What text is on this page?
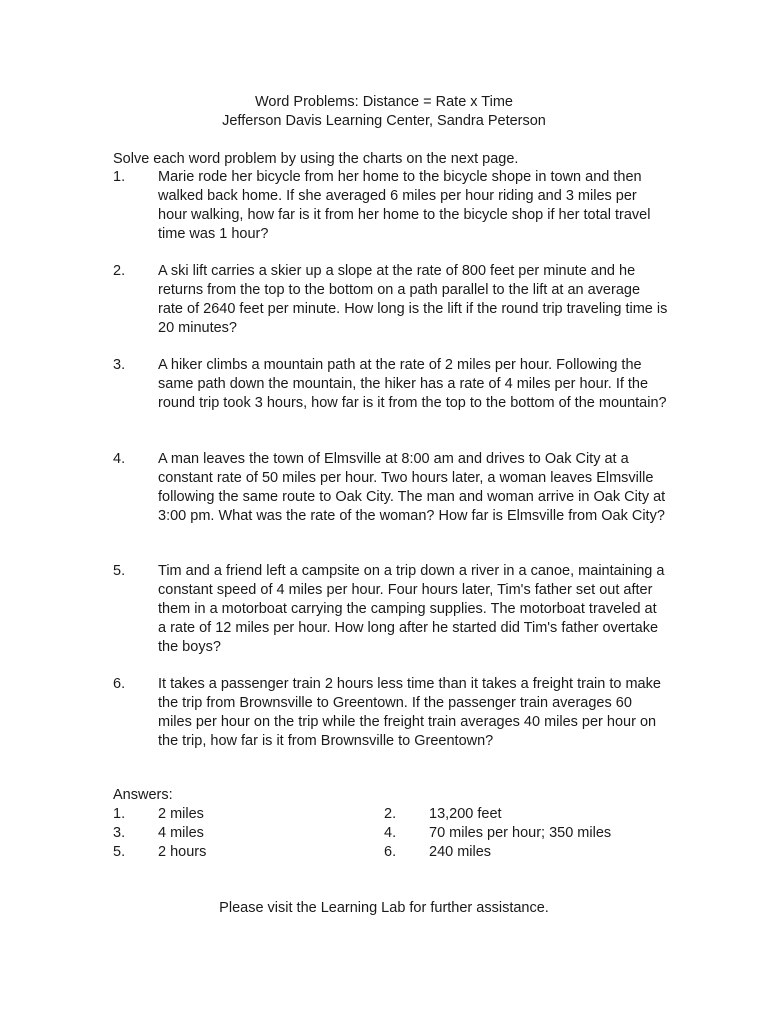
Word Problems: Distance = Rate x Time
Jefferson Davis Learning Center, Sandra Peterson
Solve each word problem by using the charts on the next page.
1.	Marie rode her bicycle from her home to the bicycle shope in town and then walked back home. If she averaged 6 miles per hour riding and 3 miles per hour walking, how far is it from her home to the bicycle shop if her total travel time was 1 hour?
2.	A ski lift carries a skier up a slope at the rate of 800 feet per minute and he returns from the top to the bottom on a path parallel to the lift at an average rate of 2640 feet per minute. How long is the lift if the round trip traveling time is 20 minutes?
3.	A hiker climbs a mountain path at the rate of 2 miles per hour. Following the same path down the mountain, the hiker has a rate of 4 miles per hour. If the round trip took 3 hours, how far is it from the top to the bottom of the mountain?
4.	A man leaves the town of Elmsville at 8:00 am and drives to Oak City at a constant rate of 50 miles per hour. Two hours later, a woman leaves Elmsville following the same route to Oak City. The man and woman arrive in Oak City at 3:00 pm. What was the rate of the woman? How far is Elmsville from Oak City?
5.	Tim and a friend left a campsite on a trip down a river in a canoe, maintaining a constant speed of 4 miles per hour. Four hours later, Tim's father set out after them in a motorboat carrying the camping supplies. The motorboat traveled at a rate of 12 miles per hour. How long after he started did Tim's father overtake the boys?
6.	It takes a passenger train 2 hours less time than it takes a freight train to make the trip from Brownsville to Greentown. If the passenger train averages 60 miles per hour on the trip while the freight train averages 40 miles per hour on the trip, how far is it from Brownsville to Greentown?
Answers:
1. 2 miles	2. 13,200 feet
3. 4 miles	4. 70 miles per hour; 350 miles
5. 2 hours	6. 240 miles
Please visit the Learning Lab for further assistance.
